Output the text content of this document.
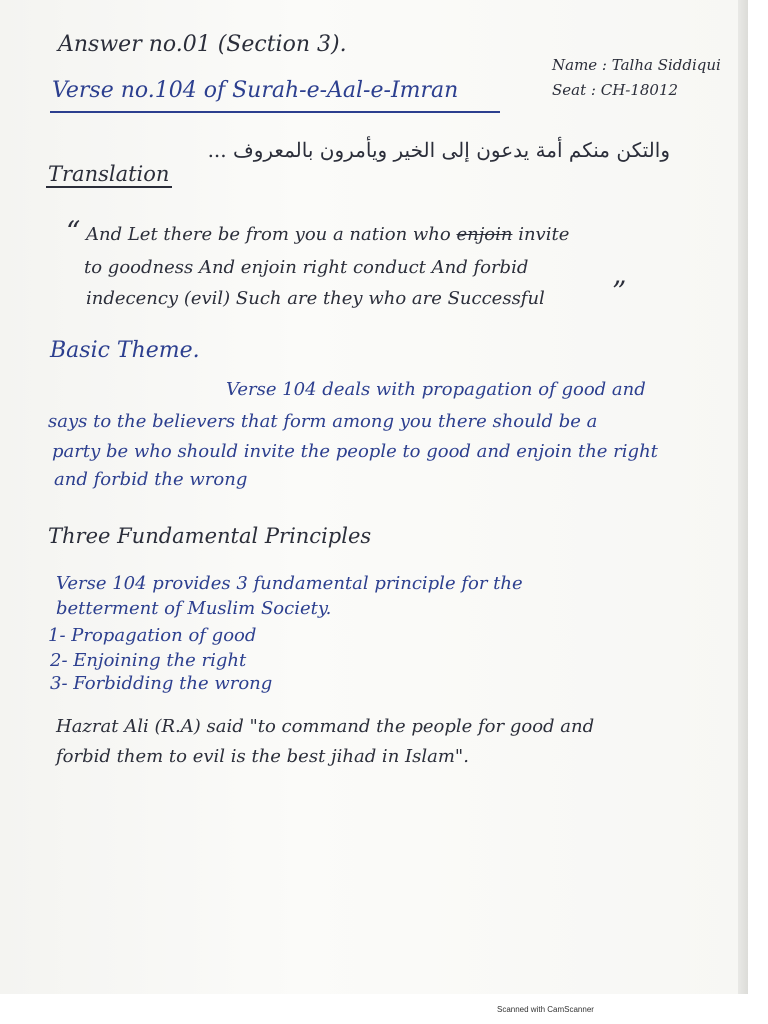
Answer no.01 (Section 3).
Name : Talha Siddiqui
Seat : CH-18012
Verse no.104 of Surah-e-Aal-e-Imran
والتكن منكم أمة يدعون إلى الخير ويأمرون بالمعروف ...
Translation
“ And Let there be from you a nation who enjoin invite
to goodness And enjoin right conduct And forbid
indecency (evil) Such are they who are Successful ”
Basic Theme.
Verse 104 deals with propagation of good and
says to the believers that form among you there should be a
party be who should invite the people to good and enjoin the right
and forbid the wrong
Three Fundamental Principles
Verse 104 provides 3 fundamental principle for the
betterment of Muslim Society.
1- Propagation of good
2- Enjoining the right
3- Forbidding the wrong
Hazrat Ali (R.A) said "to command the people for good and
forbid them to evil is the best jihad in Islam".
Scanned with CamScanner
